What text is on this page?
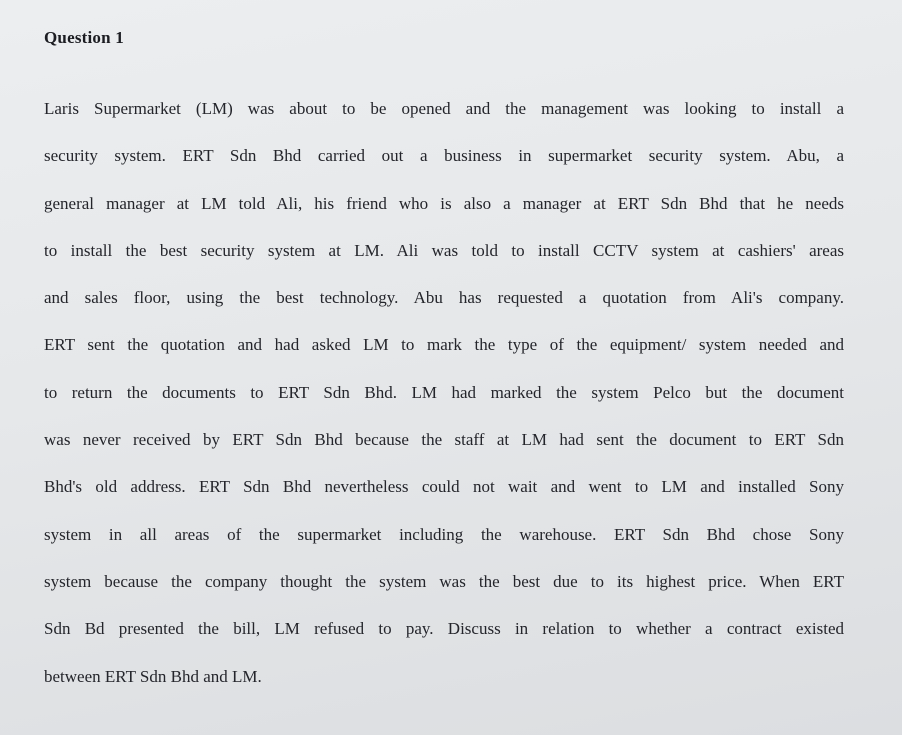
Question 1
Laris Supermarket (LM) was about to be opened and the management was looking to install a
security system. ERT Sdn Bhd carried out a business in supermarket security system. Abu, a
general manager at LM told Ali, his friend who is also a manager at ERT Sdn Bhd that he needs
to install the best security system at LM. Ali was told to install CCTV system at cashiers' areas
and sales floor, using the best technology. Abu has requested a quotation from Ali's company.
ERT sent the quotation and had asked LM to mark the type of the equipment/ system needed and
to return the documents to ERT Sdn Bhd. LM had marked the system Pelco but the document
was never received by ERT Sdn Bhd because the staff at LM had sent the document to ERT Sdn
Bhd's old address. ERT Sdn Bhd nevertheless could not wait and went to LM and installed Sony
system in all areas of the supermarket including the warehouse. ERT Sdn Bhd chose Sony
system because the company thought the system was the best due to its highest price. When ERT
Sdn Bd presented the bill, LM refused to pay. Discuss in relation to whether a contract existed
between ERT Sdn Bhd and LM.
